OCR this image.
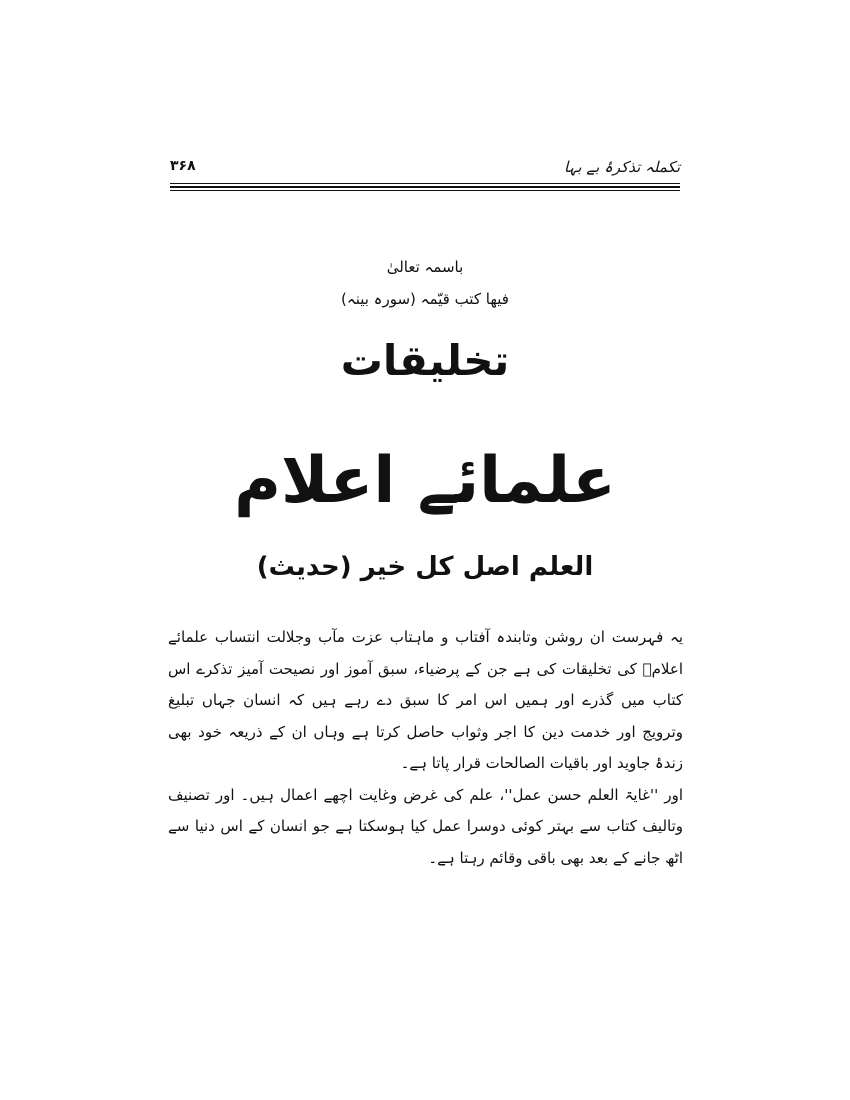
تکملہ تذکرۂ بے بہا
۳۶۸
باسمہ تعالیٰ
فیھا کتب قیّمہ (سورہ بینہ)
تخلیقات
علمائے اعلام
العلم اصل کل خیر (حدیث)

یہ فہرست ان روشن وتابندہ آفتاب و ماہتاب عزت مآب وجلالت انتساب علمائے اعلامؒ کی تخلیقات کی ہے جن کے پرضیاء، سبق آموز اور نصیحت آمیز تذکرے اس کتاب میں گذرے اور ہمیں اس امر کا سبق دے رہے ہیں کہ انسان جہاں تبلیغ وترویج اور خدمت دین کا اجر وثواب حاصل کرتا ہے وہاں ان کے ذریعہ خود بھی زندۂ جاوید اور باقیات الصالحات قرار پاتا ہے۔

اور ''غایۃ العلم حسن عمل''، علم کی غرض وغایت اچھے اعمال ہیں۔ اور تصنیف وتالیف کتاب سے بہتر کوئی دوسرا عمل کیا ہوسکتا ہے جو انسان کے اس دنیا سے اٹھ جانے کے بعد بھی باقی وقائم رہتا ہے۔
